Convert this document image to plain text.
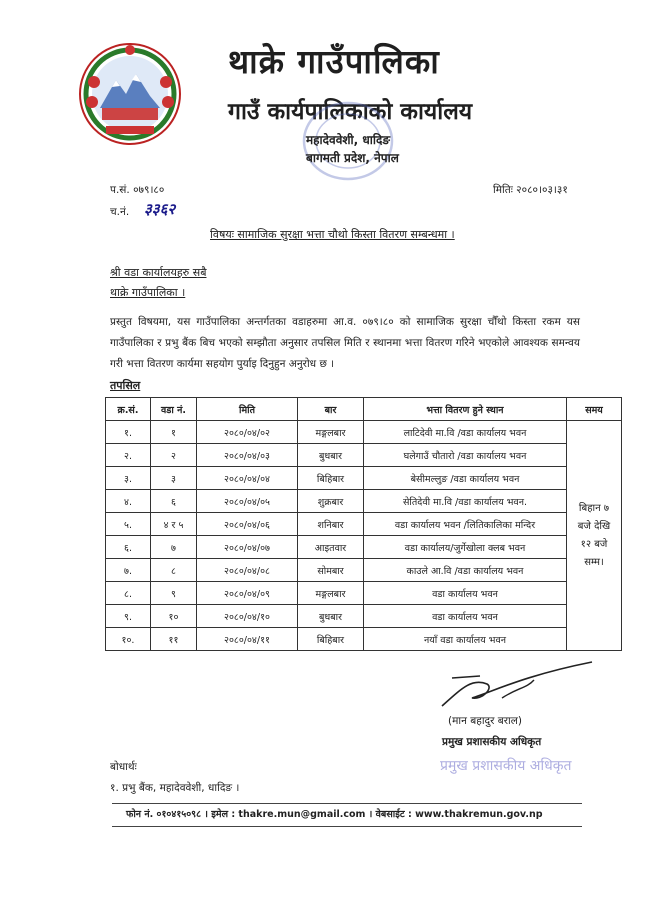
थाक्रे गाउँपालिका
गाउँ कार्यपालिकाको कार्यालय
महादेववेशी, धादिङ
बागमती प्रदेश, नेपाल
प.सं. ०७९।८०	मितिः २०८०।०३।३१
च.नं. ३३६२
विषयः सामाजिक सुरक्षा भत्ता चौथो किस्ता वितरण सम्बन्धमा ।
श्री वडा कार्यालयहरु सबै
थाक्रे गाउँपालिका ।
प्रस्तुत विषयमा, यस गाउँपालिका अन्तर्गतका वडाहरुमा आ.व. ०७९।८० को सामाजिक सुरक्षा चौँथो किस्ता रकम यस गाउँपालिका र प्रभु बैंक बिच भएको सम्झौता अनुसार तपसिल मिति र स्थानमा भत्ता वितरण गरिने भएकोले आवश्यक समन्वय गरी भत्ता वितरण कार्यमा सहयोग पुर्याइ दिनुहुन अनुरोध छ ।
तपसिल
क्र.सं.	वडा नं.	मिति	बार	भत्ता वितरण हुने स्थान	समय
१.	१	२०८०/०४/०२	मङ्गलबार	लाटिदेवी मा.वि /वडा कार्यालय भवन	बिहान ७
बजे देखि
१२ बजे
सम्म।

२.	२	२०८०/०४/०३	बुधबार	घलेगाउँ चौतारो /वडा कार्यालय भवन	
३.	३	२०८०/०४/०४	बिहिबार	बेसीमल्लुङ /वडा कार्यालय भवन	
४.	६	२०८०/०४/०५	शुक्रबार	सेतिदेवी मा.वि /वडा कार्यालय भवन.	
५.	४ र ५	२०८०/०४/०६	शनिबार	वडा कार्यालय भवन /लितिकालिका मन्दिर	
६.	७	२०८०/०४/०७	आइतवार	वडा कार्यालय/जुर्गेखोला क्लब भवन	
७.	८	२०८०/०४/०८	सोमबार	काउले आ.वि /वडा कार्यालय भवन	
८.	९	२०८०/०४/०९	मङ्गलबार	वडा कार्यालय भवन	
९.	१०	२०८०/०४/१०	बुधबार	वडा कार्यालय भवन	
१०.	११	२०८०/०४/११	बिहिबार	नयाँ वडा कार्यालय भवन	
(मान बहादुर बराल)
प्रमुख प्रशासकीय अधिकृत
प्रमुख प्रशासकीय अधिकृत
बोधार्थः
१. प्रभु बैंक, महादेववेशी, धादिङ ।
फोन नं. ०१०४१५०९८ । इमेल : thakre.mun@gmail.com । वेबसाईट : www.thakremun.gov.np
